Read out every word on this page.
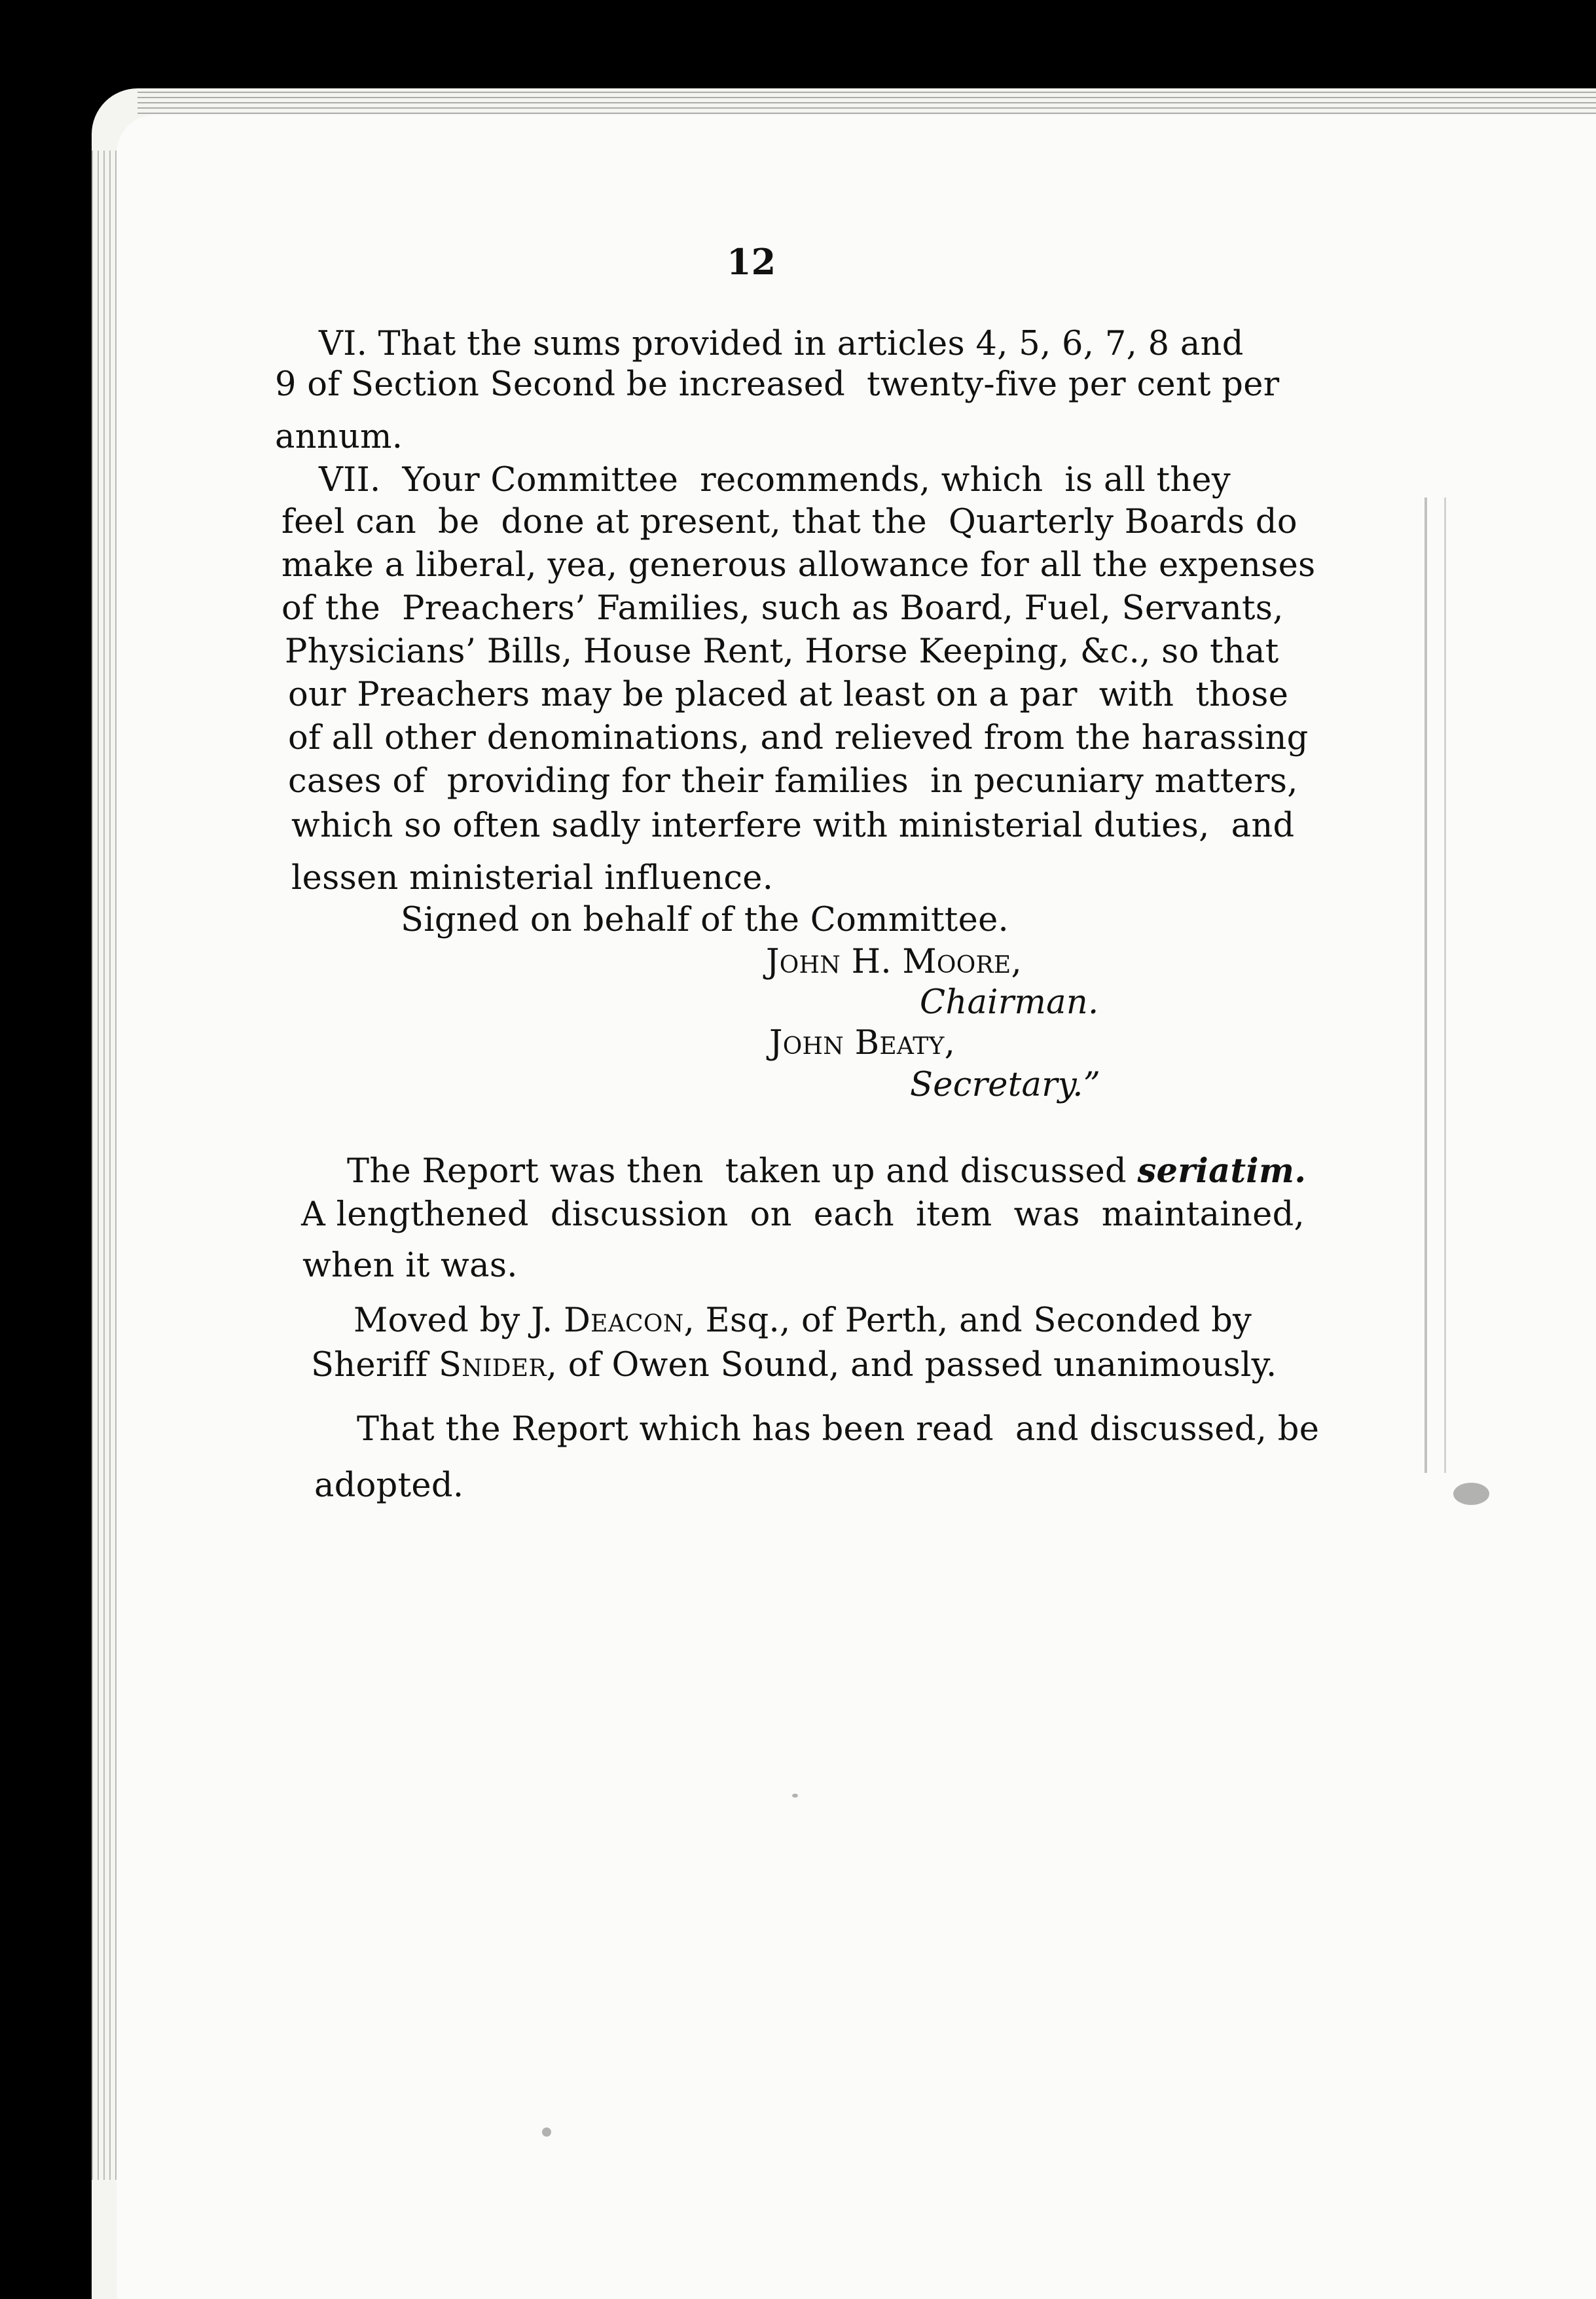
12
VI. That the sums provided in articles 4, 5, 6, 7, 8 and
9 of Section Second be increased  twenty-five per cent per
annum.
VII.  Your Committee  recommends, which  is all they
feel can  be  done at present, that the  Quarterly Boards do
make a liberal, yea, generous allowance for all the expenses
of the  Preachers’ Families, such as Board, Fuel, Servants,
Physicians’ Bills, House Rent, Horse Keeping, &c., so that
our Preachers may be placed at least on a par  with  those
of all other denominations, and relieved from the harassing
cases of  providing for their families  in pecuniary matters,
which so often sadly interfere with ministerial duties,  and
lessen ministerial influence.
Signed on behalf of the Committee.
John H. Moore,
Chairman.
John Beaty,
Secretary.”
The Report was then  taken up and discussed seriatim.
A lengthened  discussion  on  each  item  was  maintained,
when it was.
Moved by J. Deacon, Esq., of Perth, and Seconded by
Sheriff Snider, of Owen Sound, and passed unanimously.
That the Report which has been read  and discussed, be
adopted.
